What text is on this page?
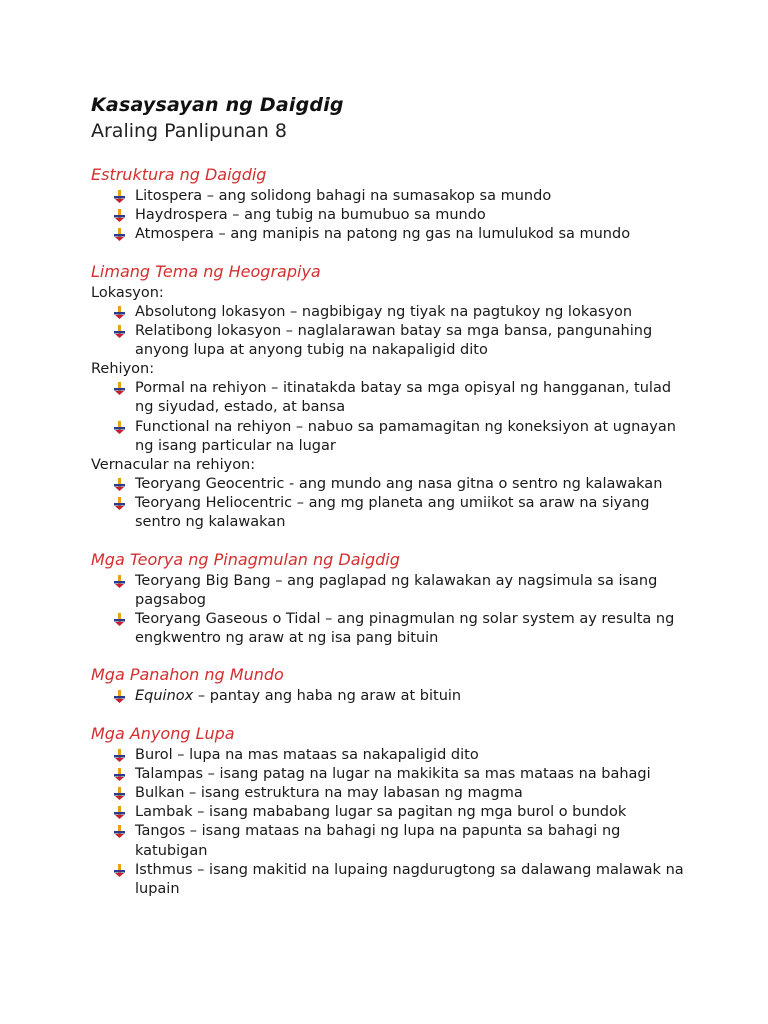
Kasaysayan ng Daigdig
Araling Panlipunan 8
Estruktura ng Daigdig
Litospera – ang solidong bahagi na sumasakop sa mundo
Haydrospera – ang tubig na bumubuo sa mundo
Atmospera – ang manipis na patong ng gas na lumulukod sa mundo
Limang Tema ng Heograpiya
Lokasyon:
Absolutong lokasyon – nagbibigay ng tiyak na pagtukoy ng lokasyon
Relatibong lokasyon – naglalarawan batay sa mga bansa, pangunahing anyong lupa at anyong tubig na nakapaligid dito
Rehiyon:
Pormal na rehiyon – itinatakda batay sa mga opisyal ng hangganan, tulad ng siyudad, estado, at bansa
Functional na rehiyon – nabuo sa pamamagitan ng koneksiyon at ugnayan ng isang particular na lugar
Vernacular na rehiyon:
Teoryang Geocentric - ang mundo ang nasa gitna o sentro ng kalawakan
Teoryang Heliocentric – ang mg planeta ang umiikot sa araw na siyang sentro ng kalawakan
Mga Teorya ng Pinagmulan ng Daigdig
Teoryang Big Bang – ang paglapad ng kalawakan ay nagsimula sa isang pagsabog
Teoryang Gaseous o Tidal – ang pinagmulan ng solar system ay resulta ng engkwentro ng araw at ng isa pang bituin
Mga Panahon ng Mundo
Equinox – pantay ang haba ng araw at bituin
Mga Anyong Lupa
Burol – lupa na mas mataas sa nakapaligid dito
Talampas – isang patag na lugar na makikita sa mas mataas na bahagi
Bulkan – isang estruktura na may labasan ng magma
Lambak – isang mababang lugar sa pagitan ng mga burol o bundok
Tangos – isang mataas na bahagi ng lupa na papunta sa bahagi ng katubigan
Isthmus – isang makitid na lupaing nagdurugtong sa dalawang malawak na lupain
